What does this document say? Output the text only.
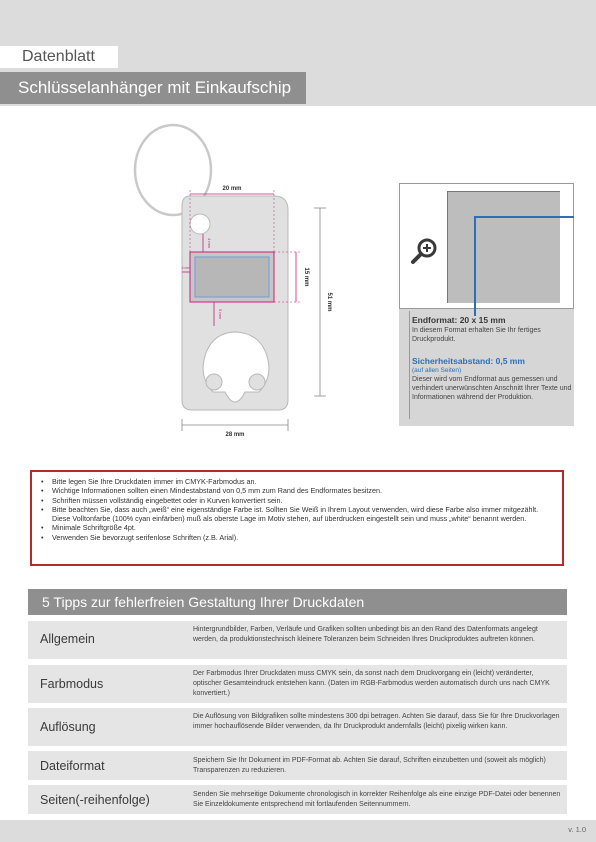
Datenblatt
Schlüsselanhänger mit Einkaufschip
20 mm
15 mm
4 mm
5 mm
4 mm
51 mm
28 mm
Endformat: 20 x 15 mm
In diesem Format erhalten Sie Ihr fertiges Druckprodukt.
Sicherheitsabstand: 0,5 mm
(auf allen Seiten)
Dieser wird vom Endformat aus gemessen und verhindert unerwünschten Anschnitt Ihrer Texte und Informationen während der Produktion.
• Bitte legen Sie Ihre Druckdaten immer im CMYK-Farbmodus an.
• Wichtige Informationen sollten einen Mindestabstand von 0,5 mm zum Rand des Endformates besitzen.
• Schriften müssen vollständig eingebettet oder in Kurven konvertiert sein.
• Bitte beachten Sie, dass auch „weiß“ eine eigenständige Farbe ist. Sollten Sie Weiß in Ihrem Layout verwenden, wird diese Farbe also immer mitgezählt. Diese Volltonfarbe (100% cyan einfärben) muß als oberste Lage im Motiv stehen, auf überdrucken eingestellt sein und muss „white“ benannt werden.
• Minimale Schriftgröße 4pt.
• Verwenden Sie bevorzugt serifenlose Schriften (z.B. Arial).
5 Tipps zur fehlerfreien Gestaltung Ihrer Druckdaten
Allgemein
Hintergrundbilder, Farben, Verläufe und Grafiken sollten unbedingt bis an den Rand des Datenformats angelegt werden, da produktionstechnisch kleinere Toleranzen beim Schneiden Ihres Druckproduktes auftreten können.
Farbmodus
Der Farbmodus Ihrer Druckdaten muss CMYK sein, da sonst nach dem Druckvorgang ein (leicht) veränderter, optischer Gesamteindruck entstehen kann. (Daten im RGB-Farbmodus werden automatisch durch uns nach CMYK konvertiert.)
Auflösung
Die Auflösung von Bildgrafiken sollte mindestens 300 dpi betragen. Achten Sie darauf, dass Sie für Ihre Druckvorlagen immer hochauflösende Bilder verwenden, da Ihr Druckprodukt andernfalls (leicht) pixelig wirken kann.
Dateiformat	Speichern Sie Ihr Dokument im PDF-Format ab. Achten Sie darauf, Schriften einzubetten und (soweit als möglich) Transparenzen zu reduzieren.
Seiten(-reihenfolge)	Senden Sie mehrseitige Dokumente chronologisch in korrekter Reihenfolge als eine einzige PDF-Datei oder benennen Sie Einzeldokumente entsprechend mit fortlaufenden Seitennummern.
v. 1.0
